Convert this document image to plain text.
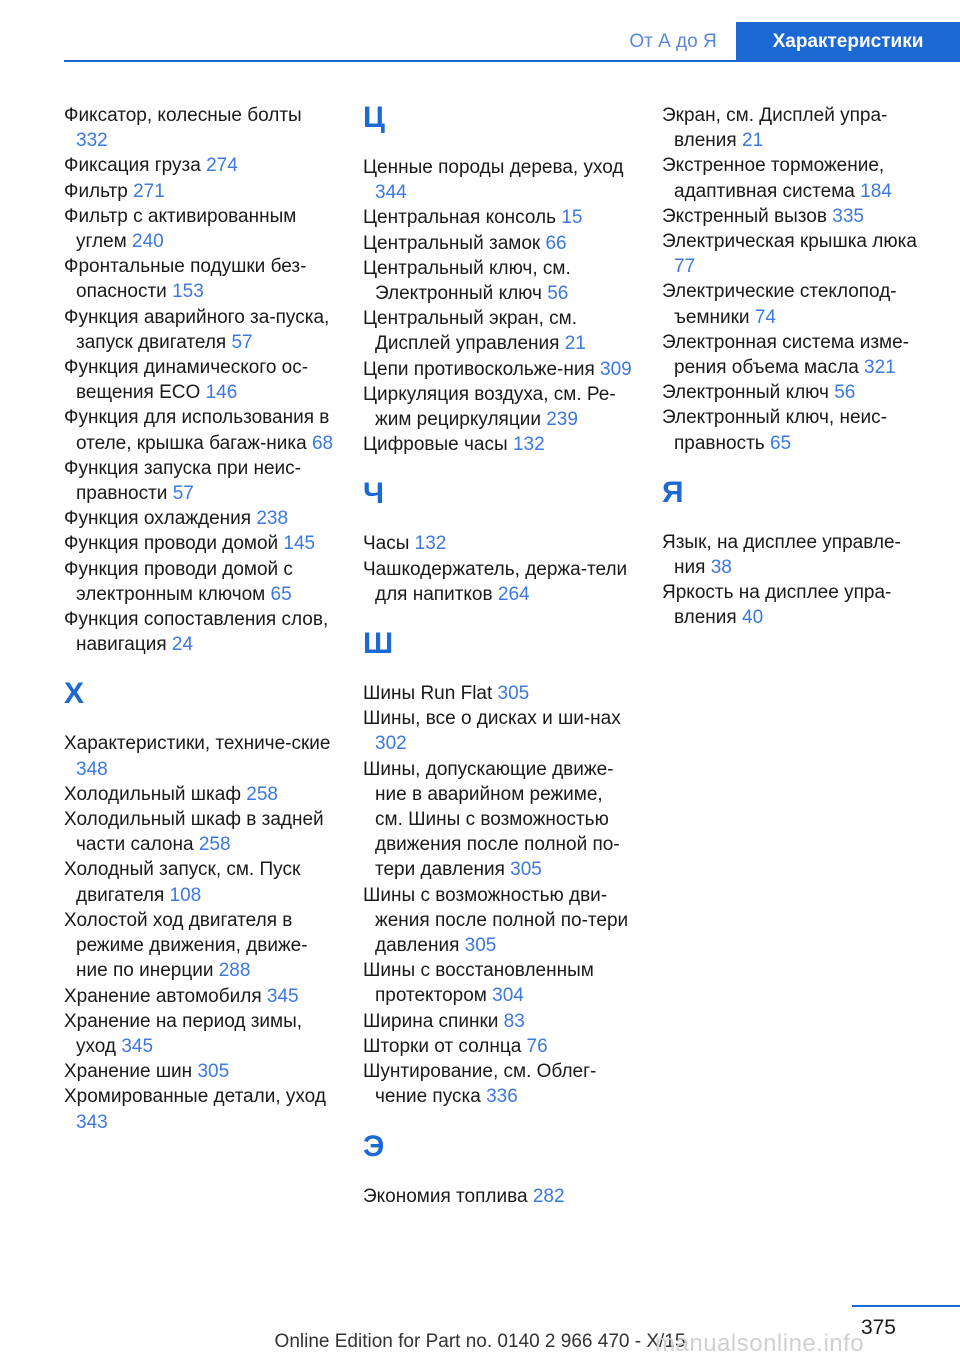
От А до Я	Характеристики
Фиксатор, колесные болты 332
Фиксация груза 274
Фильтр 271
Фильтр с активированным углем 240
Фронтальные подушки без-опасности 153
Функция аварийного за-пуска, запуск двигателя 57
Функция динамического ос-вещения ECO 146
Функция для использования в отеле, крышка багаж-ника 68
Функция запуска при неис-правности 57
Функция охлаждения 238
Функция проводи домой 145
Функция проводи домой с электронным ключом 65
Функция сопоставления слов, навигация 24
Х
Характеристики, техниче-ские 348
Холодильный шкаф 258
Холодильный шкаф в задней части салона 258
Холодный запуск, см. Пуск двигателя 108
Холостой ход двигателя в режиме движения, движе-ние по инерции 288
Хранение автомобиля 345
Хранение на период зимы, уход 345
Хранение шин 305
Хромированные детали, уход 343
Ц
Ценные породы дерева, уход 344
Центральная консоль 15
Центральный замок 66
Центральный ключ, см. Электронный ключ 56
Центральный экран, см. Дисплей управления 21
Цепи противоскольже-ния 309
Циркуляция воздуха, см. Ре-жим рециркуляции 239
Цифровые часы 132
Ч
Часы 132
Чашкодержатель, держа-тели для напитков 264
Ш
Шины Run Flat 305
Шины, все о дисках и ши-нах 302
Шины, допускающие движе-ние в аварийном режиме, см. Шины с возможностью движения после полной по-тери давления 305
Шины с возможностью дви-жения после полной по-тери давления 305
Шины с восстановленным протектором 304
Ширина спинки 83
Шторки от солнца 76
Шунтирование, см. Облег-чение пуска 336
Э
Экономия топлива 282
Экран, см. Дисплей упра-вления 21
Экстренное торможение, адаптивная система 184
Экстренный вызов 335
Электрическая крышка люка 77
Электрические стеклопод-ъемники 74
Электронная система изме-рения объема масла 321
Электронный ключ 56
Электронный ключ, неис-правность 65
Я
Язык, на дисплее управле-ния 38
Яркость на дисплее упра-вления 40
375
Online Edition for Part no. 0140 2 966 470 - X/15
manualsonline.info
